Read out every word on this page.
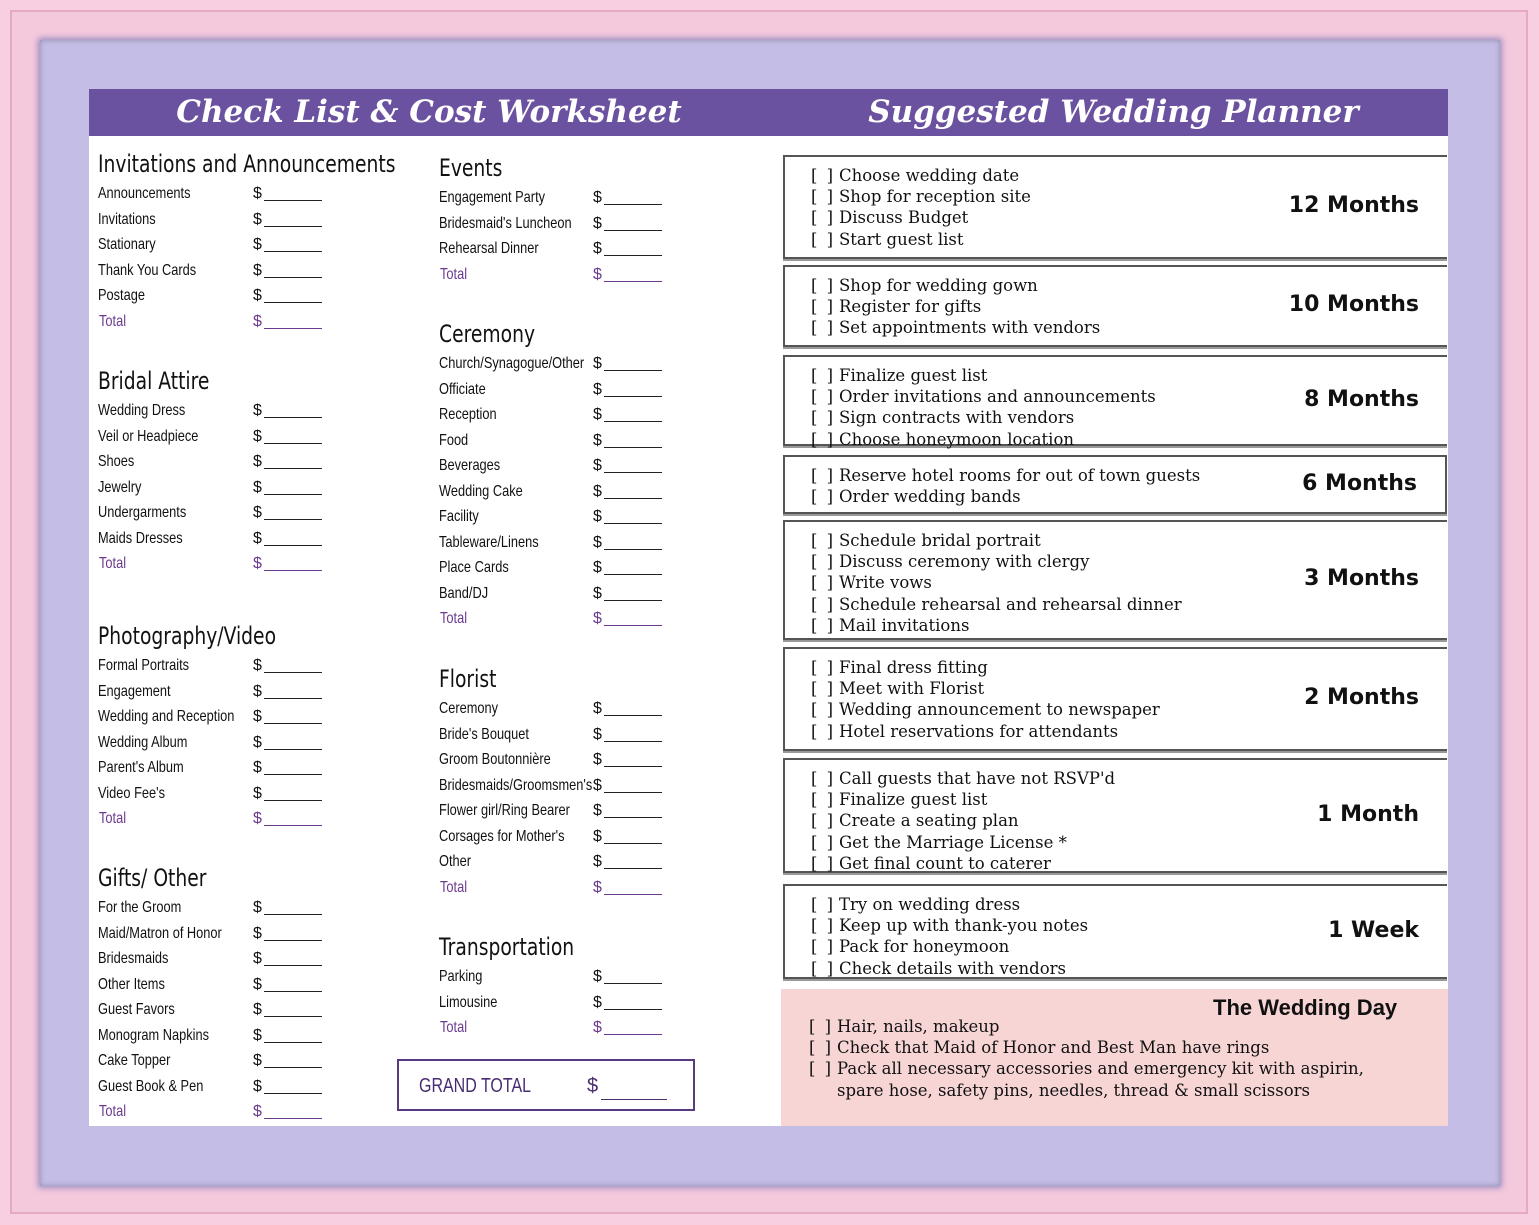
Check List & Cost Worksheet	Suggested Wedding Planner
Invitations and Announcements
Announcements	$
Invitations	$
Stationary	$
Thank You Cards	$
Postage	$
Total	$
Bridal Attire
Wedding Dress	$
Veil or Headpiece	$
Shoes	$
Jewelry	$
Undergarments	$
Maids Dresses	$
Total	$
Photography/Video
Formal Portraits	$
Engagement	$
Wedding and Reception $
Wedding Album	$
Parent's Album	$
Video Fee's	$
Total	$
Gifts/ Other
For the Groom	$
Maid/Matron of Honor $
Bridesmaids	$
Other Items	$
Guest Favors	$
Monogram Napkins	$
Cake Topper	$
Guest Book & Pen	$
Total	$
Events
Engagement Party	$
Bridesmaid's Luncheon $
Rehearsal Dinner	$
Total	$
Ceremony
Church/Synagogue/Other $
Officiate	$
Reception	$
Food	$
Beverages	$
Wedding Cake	$
Facility	$
Tableware/Linens	$
Place Cards	$
Band/DJ	$
Total	$
Florist
Ceremony	$
Bride's Bouquet	$
Groom Boutonnière	$
Bridesmaids/Groomsmen's $
Flower girl/Ring Bearer $
Corsages for Mother's $
Other	$
Total	$
Transportation
Parking	$
Limousine	$
Total	$
GRAND TOTAL	$
[ ] Choose wedding date
[ ] Shop for reception site
[ ] Discuss Budget
[ ] Start guest list
12 Months
[ ] Shop for wedding gown
[ ] Register for gifts
[ ] Set appointments with vendors
10 Months
[ ] Finalize guest list
[ ] Order invitations and announcements
[ ] Sign contracts with vendors
[ ] Choose honeymoon location
8 Months
[ ] Reserve hotel rooms for out of town guests
[ ] Order wedding bands
6 Months
[ ] Schedule bridal portrait
[ ] Discuss ceremony with clergy
[ ] Write vows
[ ] Schedule rehearsal and rehearsal dinner
[ ] Mail invitations
3 Months
[ ] Final dress fitting
[ ] Meet with Florist
[ ] Wedding announcement to newspaper
[ ] Hotel reservations for attendants
2 Months
[ ] Call guests that have not RSVP'd
[ ] Finalize guest list
[ ] Create a seating plan
[ ] Get the Marriage License *
[ ] Get final count to caterer
1 Month
[ ] Try on wedding dress
[ ] Keep up with thank-you notes
[ ] Pack for honeymoon
[ ] Check details with vendors
1 Week
The Wedding Day
[ ] Hair, nails, makeup
[ ] Check that Maid of Honor and Best Man have rings
[ ] Pack all necessary accessories and emergency kit with aspirin,
spare hose, safety pins, needles, thread & small scissors
